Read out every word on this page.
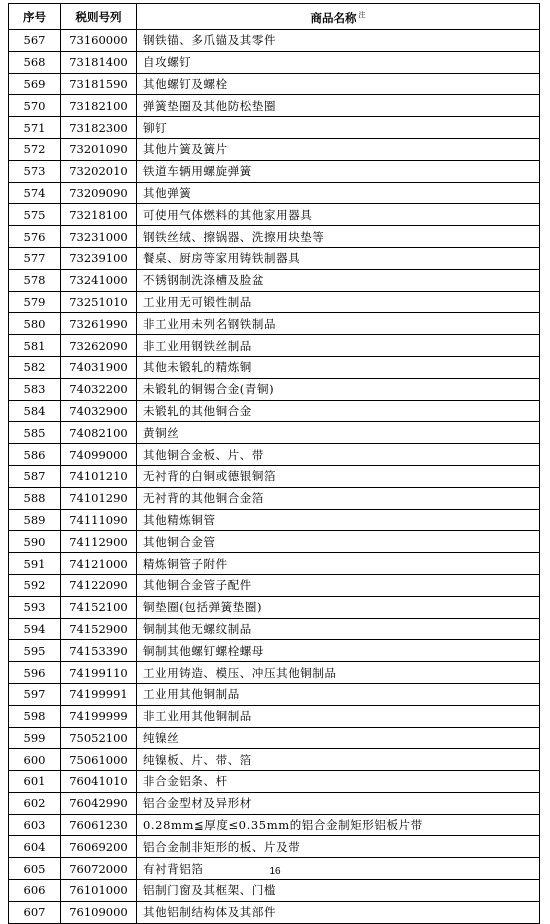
序号	税则号列	商品名称 $^注$
567	73160000	钢铁锚、多爪锚及其零件
568	73181400	自攻螺钉
569	73181590	其他螺钉及螺栓
570	73182100	弹簧垫圈及其他防松垫圈
571	73182300	铆钉
572	73201090	其他片簧及簧片
573	73202010	铁道车辆用螺旋弹簧
574	73209090	其他弹簧
575	73218100	可使用气体燃料的其他家用器具
576	73231000	钢铁丝绒、擦锅器、洗擦用块垫等
577	73239100	餐桌、厨房等家用铸铁制器具
578	73241000	不锈钢制洗涤槽及脸盆
579	73251010	工业用无可锻性制品
580	73261990	非工业用未列名钢铁制品
581	73262090	非工业用钢铁丝制品
582	74031900	其他未锻轧的精炼铜
583	74032200	未锻轧的铜锡合金(青铜)
584	74032900	未锻轧的其他铜合金
585	74082100	黄铜丝
586	74099000	其他铜合金板、片、带
587	74101210	无衬背的白铜或德银铜箔
588	74101290	无衬背的其他铜合金箔
589	74111090	其他精炼铜管
590	74112900	其他铜合金管
591	74121000	精炼铜管子附件
592	74122090	其他铜合金管子配件
593	74152100	铜垫圈(包括弹簧垫圈)
594	74152900	铜制其他无螺纹制品
595	74153390	铜制其他螺钉螺栓螺母
596	74199110	工业用铸造、模压、冲压其他铜制品
597	74199991	工业用其他铜制品
598	74199999	非工业用其他铜制品
599	75052100	纯镍丝
600	75061000	纯镍板、片、带、箔
601	76041010	非合金铝条、杆
602	76042990	铝合金型材及异形材
603	76061230	0.28mm≦厚度≤0.35mm的铝合金制矩形铝板片带
604	76069200	铝合金制非矩形的板、片及带
605	76072000	有衬背铝箔
606	76101000	铝制门窗及其框架、门槛
607	76109000	其他铝制结构体及其部件
16
